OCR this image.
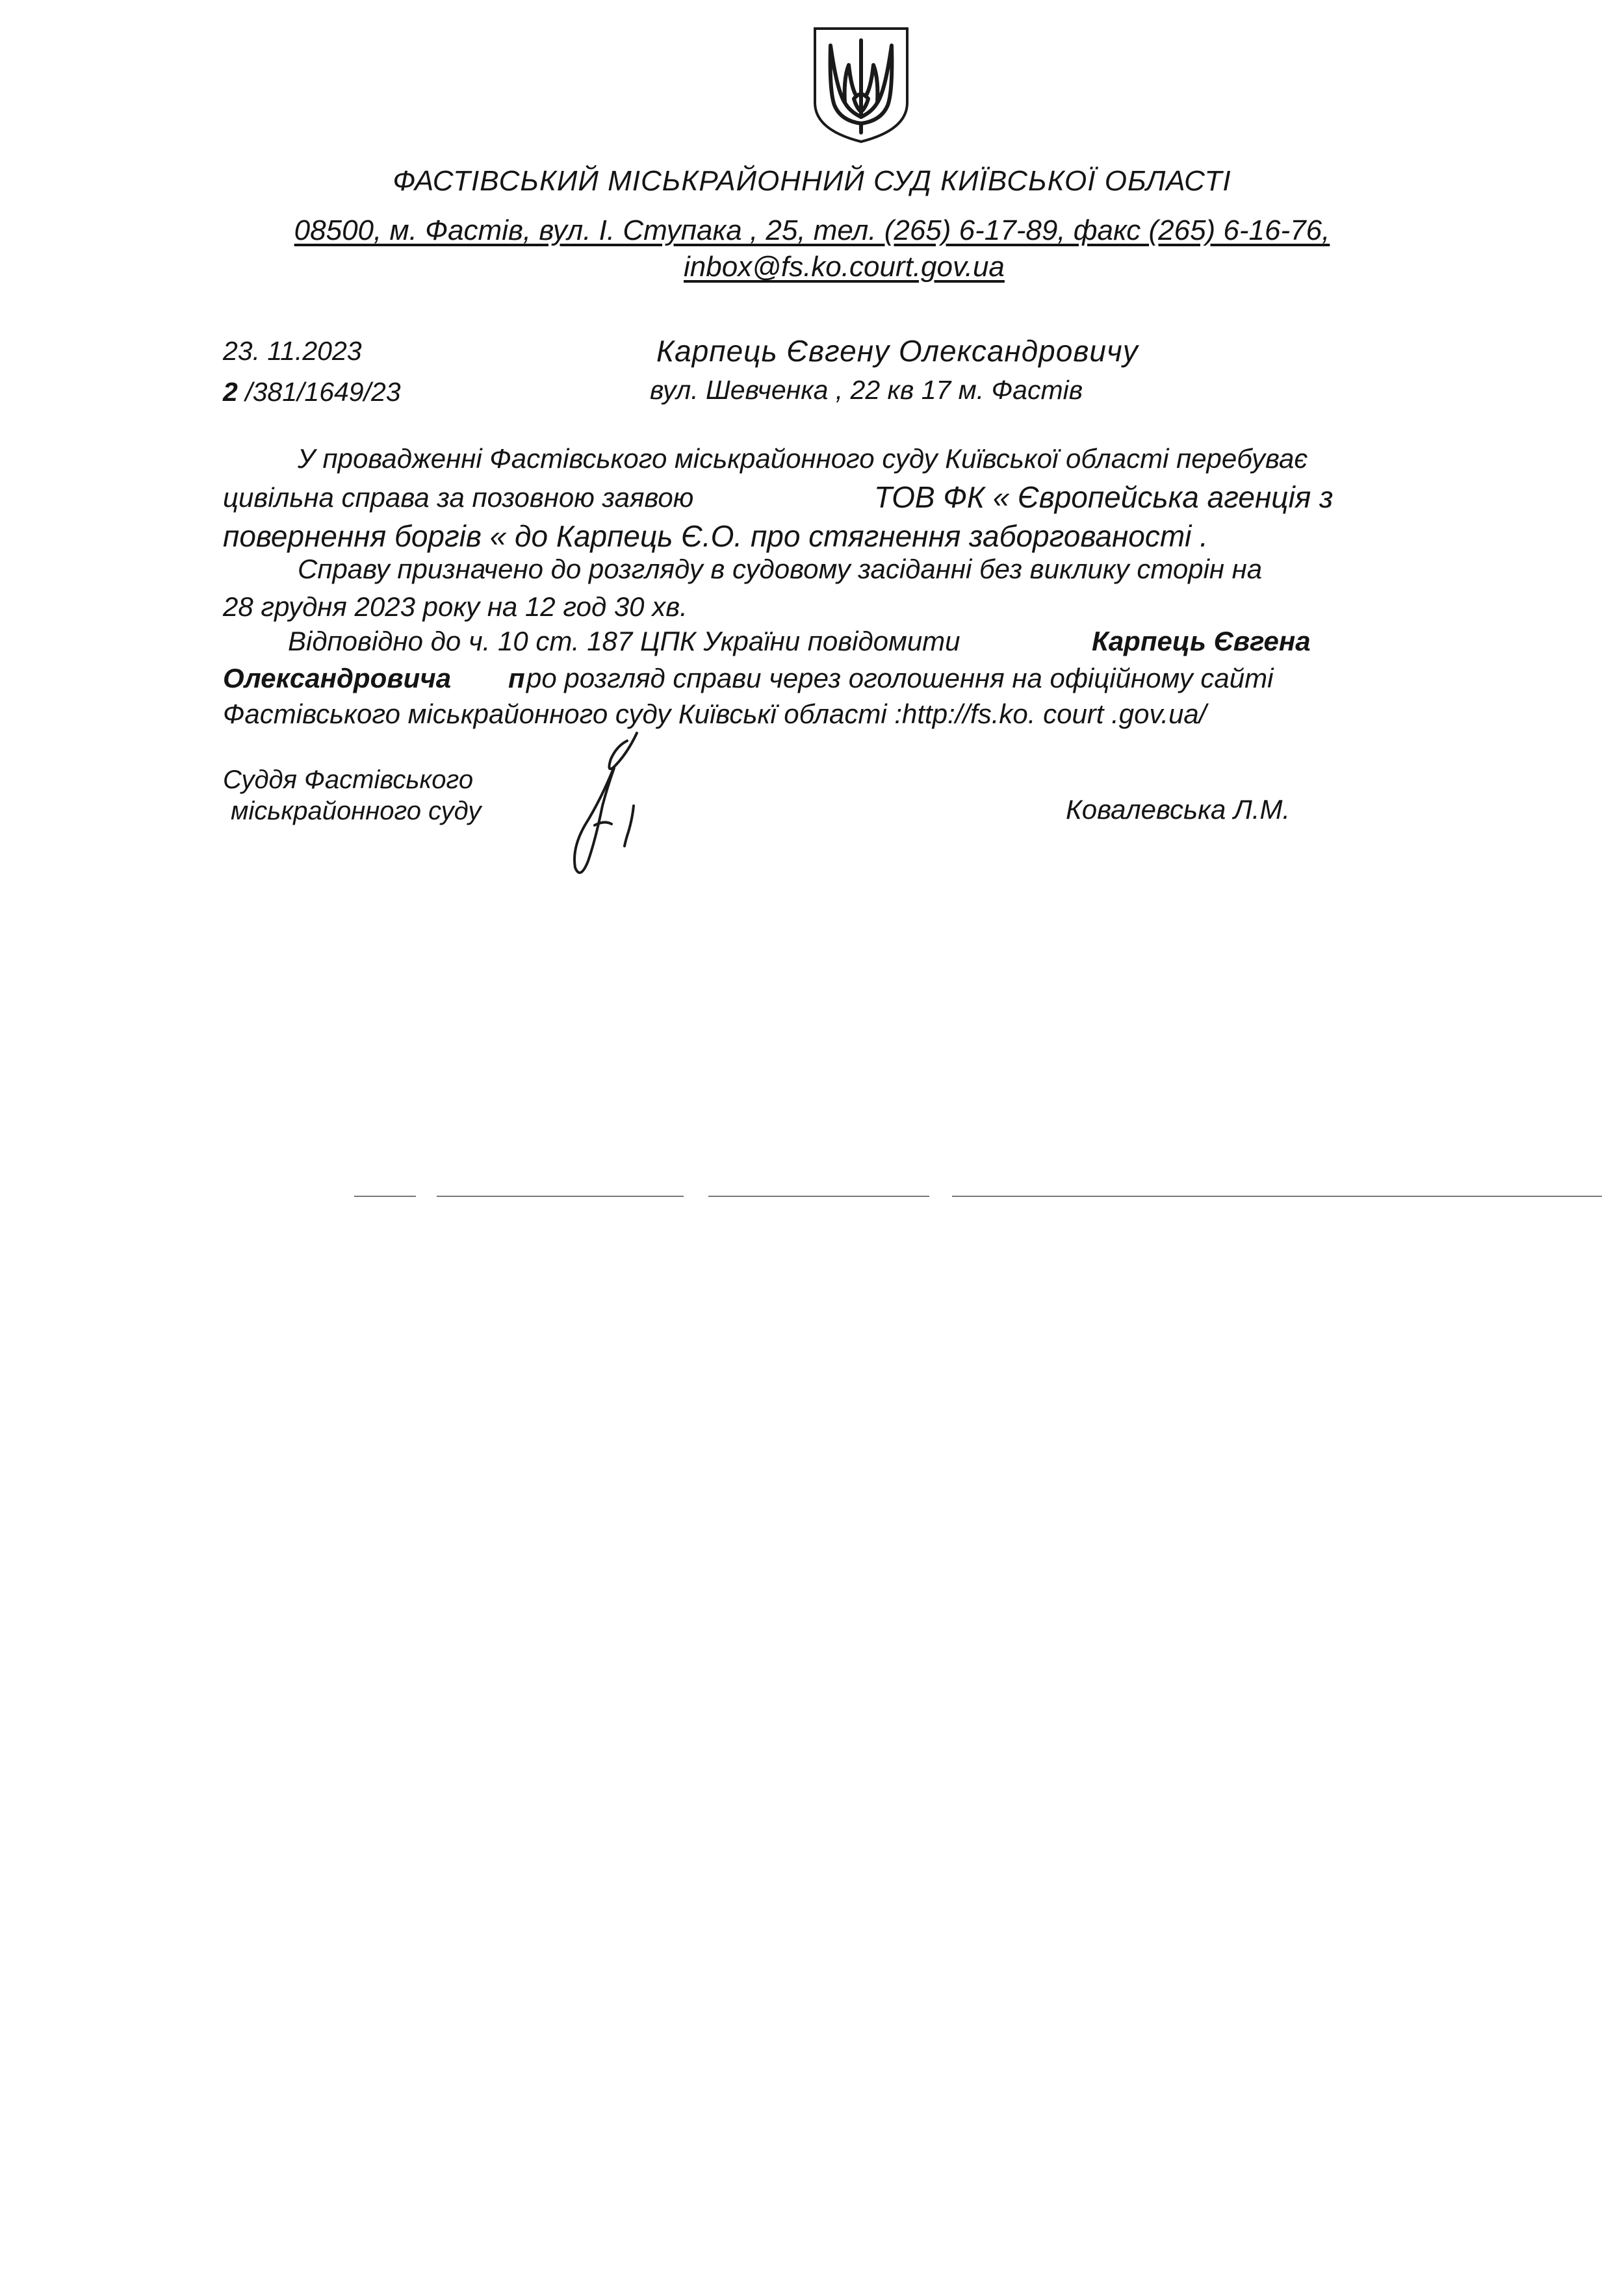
ФАСТІВСЬКИЙ МІСЬКРАЙОННИЙ СУД КИЇВСЬКОЇ ОБЛАСТІ
08500, м. Фастів, вул. І. Ступака , 25, тел. (265) 6-17-89, факс (265) 6-16-76,
inbox@fs.ko.court.gov.ua
23. 11.2023
2 /381/1649/23
Карпець Євгену Олександровичу
вул. Шевченка , 22 кв 17 м. Фастів
У провадженні Фастівського міськрайонного суду Київської області перебуває
цивільна справа за позовною заявою	ТОВ ФК « Європейська агенція з
повернення боргів « до Карпець Є.О. про стягнення заборгованості .
Справу призначено до розгляду в судовому засіданні без виклику сторін на
28 грудня 2023 року на 12 год 30 хв.
Відповідно до ч. 10 ст. 187 ЦПК України повідомити	Карпець Євгена
Олександровича п ро розгляд справи через оголошення на офіційному сайті
Фастівського міськрайонного суду Київськї області :http://fs.ko. court .gov.ua/
Суддя Фастівського
міськрайонного суду	Ковалевська Л.М.
